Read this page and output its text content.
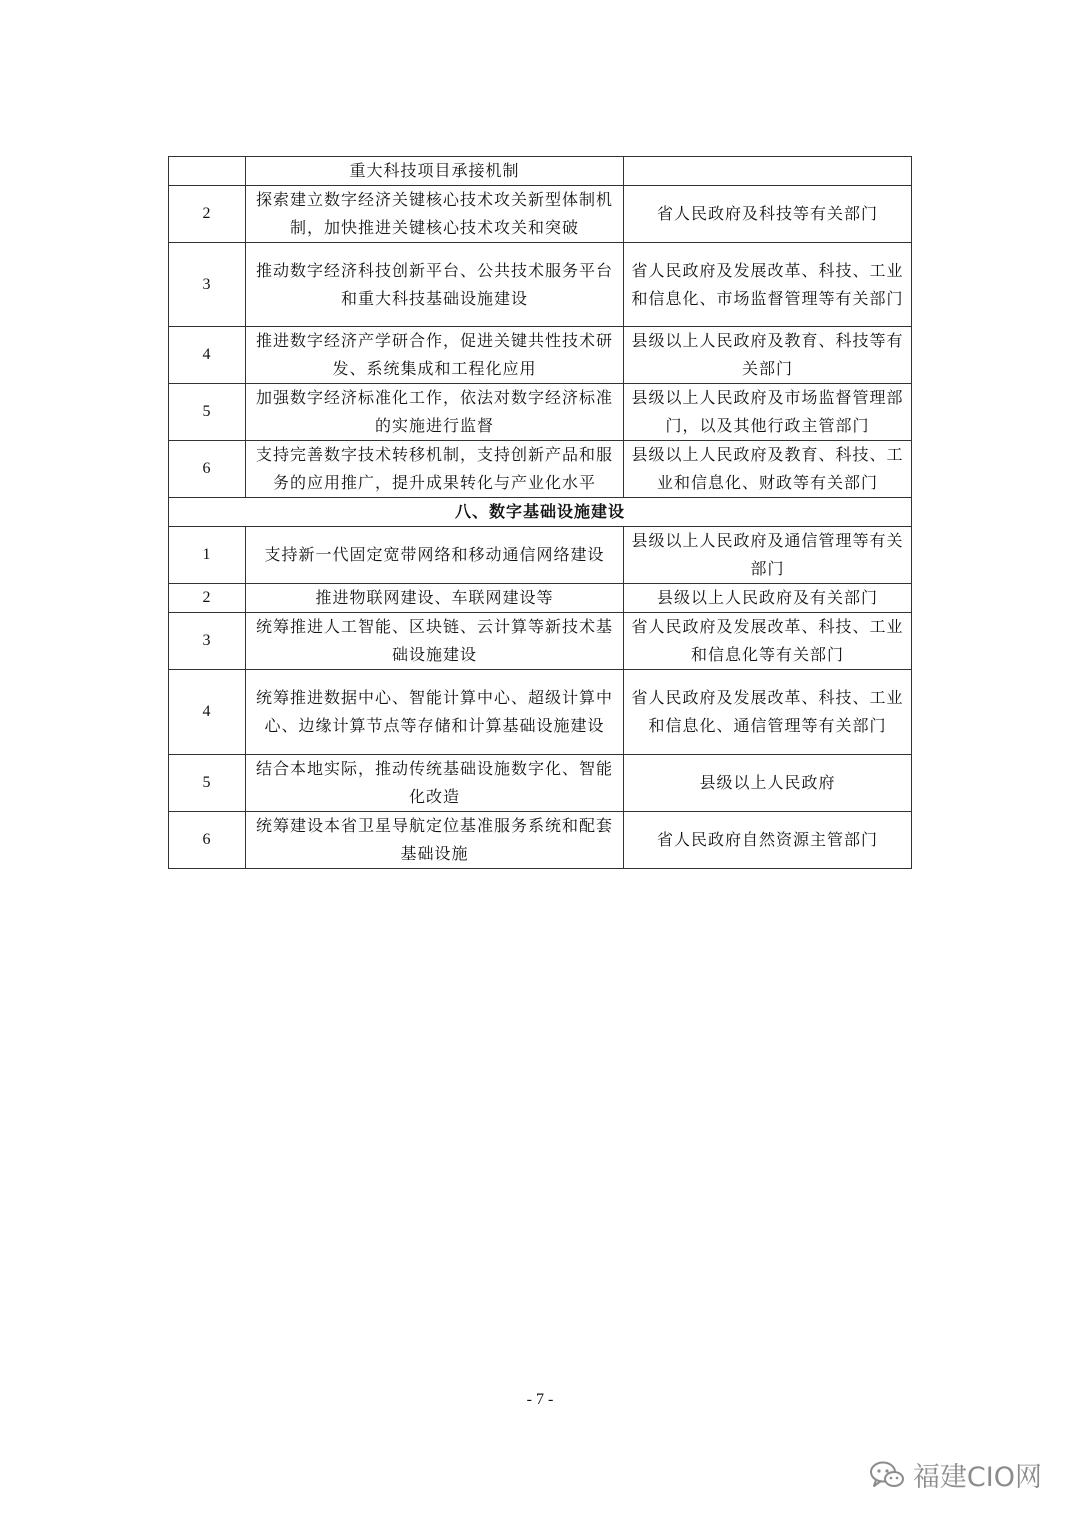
	重大科技项目承接机制	
2	探索建立数字经济关键核心技术攻关新型体制机制，加快推进关键核心技术攻关和突破	省人民政府及科技等有关部门
3	推动数字经济科技创新平台、公共技术服务平台和重大科技基础设施建设	省人民政府及发展改革、科技、工业和信息化、市场监督管理等有关部门
4	推进数字经济产学研合作，促进关键共性技术研发、系统集成和工程化应用	县级以上人民政府及教育、科技等有关部门
5	加强数字经济标准化工作，依法对数字经济标准的实施进行监督	县级以上人民政府及市场监督管理部门，以及其他行政主管部门
6	支持完善数字技术转移机制，支持创新产品和服务的应用推广，提升成果转化与产业化水平	县级以上人民政府及教育、科技、工业和信息化、财政等有关部门
八、数字基础设施建设		
1	支持新一代固定宽带网络和移动通信网络建设	县级以上人民政府及通信管理等有关部门
2	推进物联网建设、车联网建设等	县级以上人民政府及有关部门
3	统筹推进人工智能、区块链、云计算等新技术基础设施建设	省人民政府及发展改革、科技、工业和信息化等有关部门
4	统筹推进数据中心、智能计算中心、超级计算中心、边缘计算节点等存储和计算基础设施建设	省人民政府及发展改革、科技、工业和信息化、通信管理等有关部门
5	结合本地实际，推动传统基础设施数字化、智能化改造	县级以上人民政府
6	统筹建设本省卫星导航定位基准服务系统和配套基础设施	省人民政府自然资源主管部门
- 7 -
福建CIO网
